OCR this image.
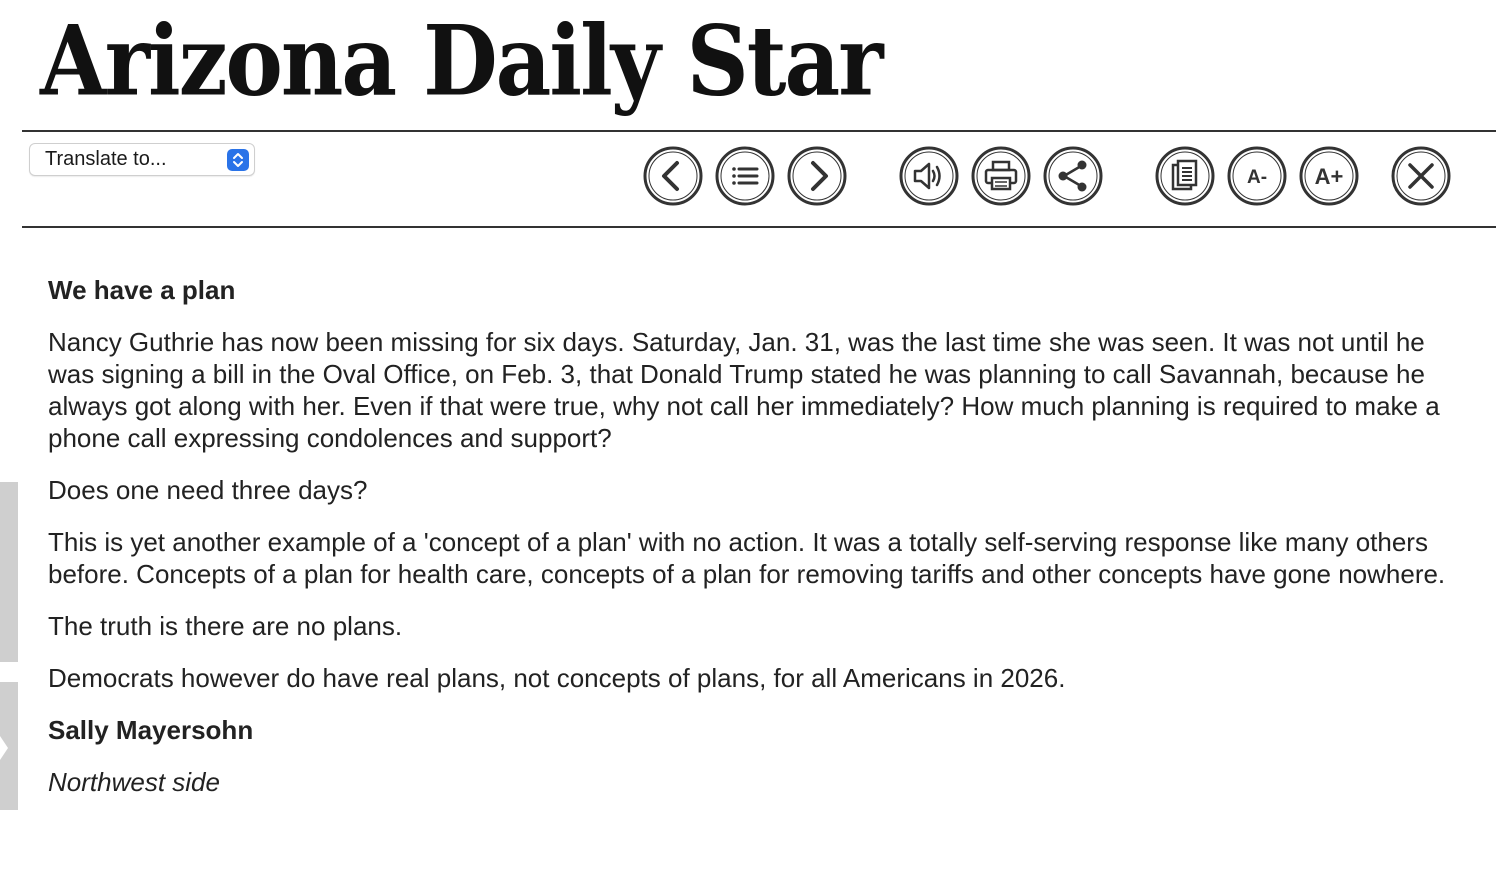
Arizona Daily Star
Translate to...
A- A+

We have a plan

Nancy Guthrie has now been missing for six days. Saturday, Jan. 31, was the last time she was seen. It was not until he was signing a bill in the Oval Office, on Feb. 3, that Donald Trump stated he was planning to call Savannah, because he always got along with her. Even if that were true, why not call her immediately? How much planning is required to make a phone call expressing condolences and support?

Does one need three days?

This is yet another example of a 'concept of a plan' with no action. It was a totally self-serving response like many others before. Concepts of a plan for health care, concepts of a plan for removing tariffs and other concepts have gone nowhere.

The truth is there are no plans.

Democrats however do have real plans, not concepts of plans, for all Americans in 2026.

Sally Mayersohn

Northwest side
